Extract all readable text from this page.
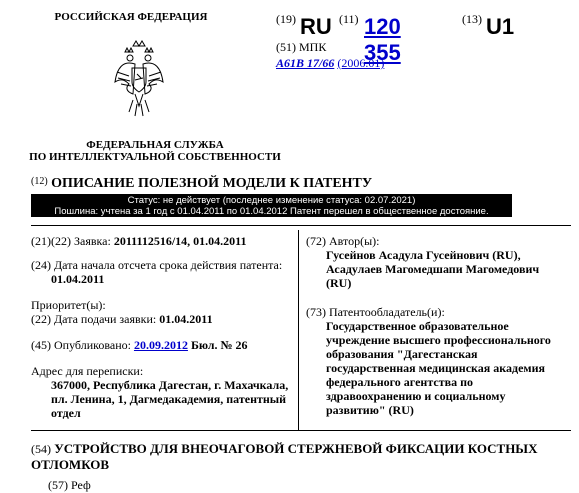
РОССИЙСКАЯ ФЕДЕРАЦИЯ
ФЕДЕРАЛЬНАЯ СЛУЖБА
ПО ИНТЕЛЛЕКТУАЛЬНОЙ СОБСТВЕННОСТИ
(19) RU (11) 120 355
(13) U1
(51) МПК
A61B 17/66 (2006.01)
$^{(12)}$ ОПИСАНИЕ ПОЛЕЗНОЙ МОДЕЛИ К ПАТЕНТУ
Статус: не действует (последнее изменение статуса: 02.07.2021)
Пошлина: учтена за 1 год с 01.04.2011 по 01.04.2012 Патент перешел в общественное достояние.
(21)(22) Заявка: 2011112516/14, 01.04.2011
(24) Дата начала отсчета срока действия патента:
01.04.2011
Приоритет(ы):
(22) Дата подачи заявки: 01.04.2011
(45) Опубликовано: 20.09.2012 Бюл. № 26
Адрес для переписки:
367000, Республика Дагестан, г. Махачкала,
пл. Ленина, 1, Дагмедакадемия, патентный
отдел
(72) Автор(ы):
Гусейнов Асадула Гусейнович (RU),
Асадулаев Магомедшапи Магомедович
(RU)
(73) Патентообладатель(и):
Государственное образовательное
учреждение высшего профессионального
образования "Дагестанская
государственная медицинская академия
федерального агентства по
здравоохранению и социальному
развитию" (RU)
(54) УСТРОЙСТВО ДЛЯ ВНЕОЧАГОВОЙ СТЕРЖНЕВОЙ ФИКСАЦИИ КОСТНЫХ
ОТЛОМКОВ
(57) Реф
